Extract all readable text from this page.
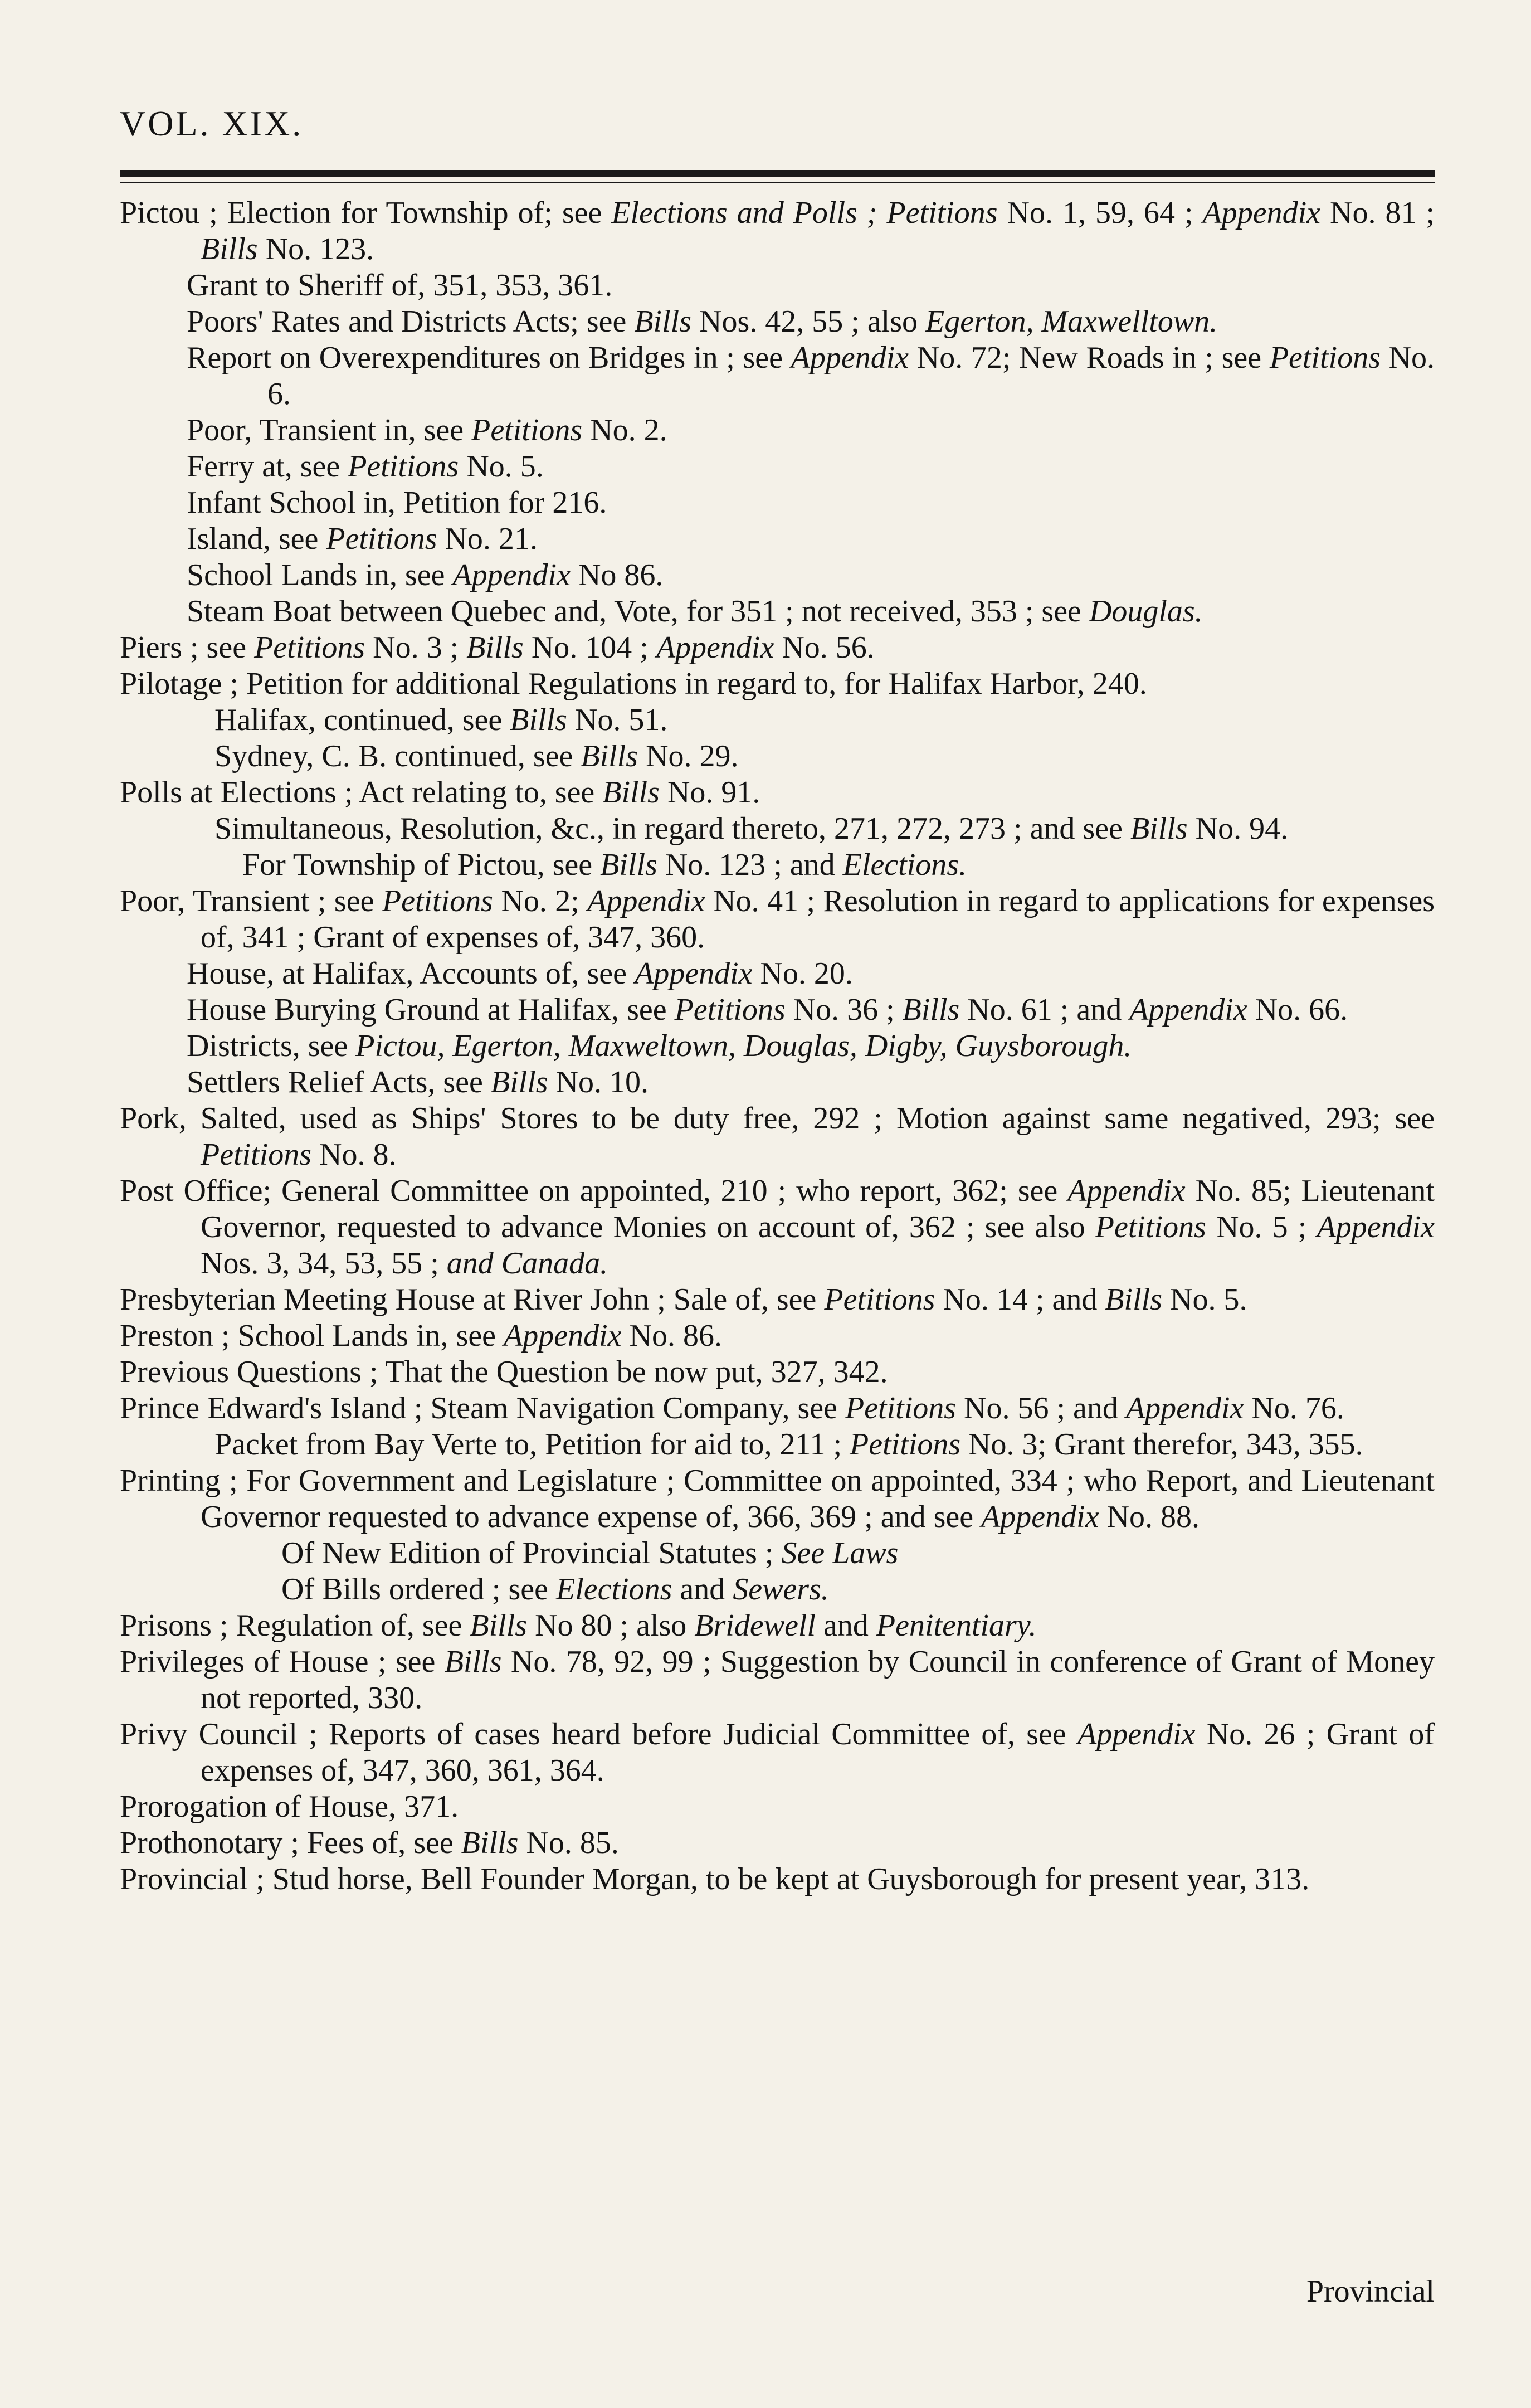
VOL. XIX.
Pictou ; Election for Township of; see Elections and Polls ; Petitions No. 1, 59, 64 ; Appendix No. 81 ; Bills No. 123.
Grant to Sheriff of, 351, 353, 361.
Poors' Rates and Districts Acts; see Bills Nos. 42, 55 ; also Egerton, Maxwelltown.
Report on Overexpenditures on Bridges in ; see Appendix No. 72; New Roads in ; see Petitions No. 6.
Poor, Transient in, see Petitions No. 2.
Ferry at, see Petitions No. 5.
Infant School in, Petition for 216.
Island, see Petitions No. 21.
School Lands in, see Appendix No 86.
Steam Boat between Quebec and, Vote, for 351 ; not received, 353 ; see Douglas.
Piers ; see Petitions No. 3 ; Bills No. 104 ; Appendix No. 56.
Pilotage ; Petition for additional Regulations in regard to, for Halifax Harbor, 240.
Halifax, continued, see Bills No. 51.
Sydney, C. B. continued, see Bills No. 29.
Polls at Elections ; Act relating to, see Bills No. 91.
Simultaneous, Resolution, &c., in regard thereto, 271, 272, 273 ; and see Bills No. 94.
For Township of Pictou, see Bills No. 123 ; and Elections.
Poor, Transient ; see Petitions No. 2; Appendix No. 41 ; Resolution in regard to applications for expenses of, 341 ; Grant of expenses of, 347, 360.
House, at Halifax, Accounts of, see Appendix No. 20.
House Burying Ground at Halifax, see Petitions No. 36 ; Bills No. 61 ; and Appendix No. 66.
Districts, see Pictou, Egerton, Maxweltown, Douglas, Digby, Guysborough.
Settlers Relief Acts, see Bills No. 10.
Pork, Salted, used as Ships' Stores to be duty free, 292 ; Motion against same negatived, 293; see Petitions No. 8.
Post Office; General Committee on appointed, 210 ; who report, 362; see Appendix No. 85; Lieutenant Governor, requested to advance Monies on account of, 362 ; see also Petitions No. 5 ; Appendix Nos. 3, 34, 53, 55 ; and Canada.
Presbyterian Meeting House at River John ; Sale of, see Petitions No. 14 ; and Bills No. 5.
Preston ; School Lands in, see Appendix No. 86.
Previous Questions ; That the Question be now put, 327, 342.
Prince Edward's Island ; Steam Navigation Company, see Petitions No. 56 ; and Appendix No. 76.
Packet from Bay Verte to, Petition for aid to, 211 ; Petitions No. 3; Grant therefor, 343, 355.
Printing ; For Government and Legislature ; Committee on appointed, 334 ; who Report, and Lieutenant Governor requested to advance expense of, 366, 369 ; and see Appendix No. 88.
Of New Edition of Provincial Statutes ; See Laws
Of Bills ordered ; see Elections and Sewers.
Prisons ; Regulation of, see Bills No 80 ; also Bridewell and Penitentiary.
Privileges of House ; see Bills No. 78, 92, 99 ; Suggestion by Council in conference of Grant of Money not reported, 330.
Privy Council ; Reports of cases heard before Judicial Committee of, see Appendix No. 26 ; Grant of expenses of, 347, 360, 361, 364.
Prorogation of House, 371.
Prothonotary ; Fees of, see Bills No. 85.
Provincial ; Stud horse, Bell Founder Morgan, to be kept at Guysborough for present year, 313.
Provincial
